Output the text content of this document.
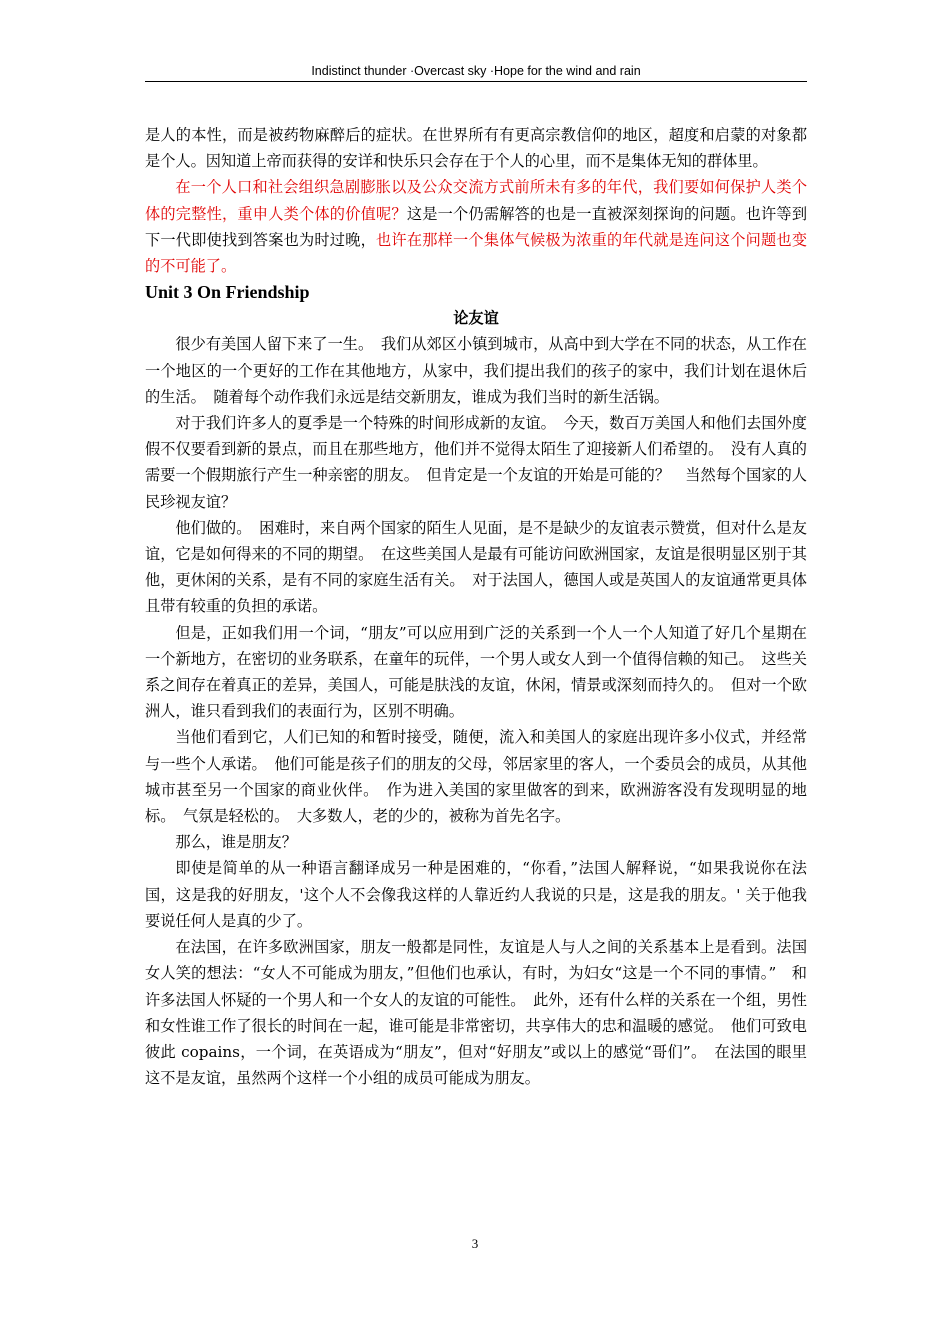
Indistinct thunder ·Overcast sky ·Hope for the wind and rain

是人的本性，而是被药物麻醉后的症状。在世界所有有更高宗教信仰的地区，超度和启蒙的对象都是个人。因知道上帝而获得的安详和快乐只会存在于个人的心里，而不是集体无知的群体里。

在一个人口和社会组织急剧膨胀以及公众交流方式前所未有多的年代，我们要如何保护人类个体的完整性，重申人类个体的价值呢？这是一个仍需解答的也是一直被深刻探询的问题。也许等到下一代即使找到答案也为时过晚，也许在那样一个集体气候极为浓重的年代就是连问这个问题也变的不可能了。

Unit 3 On Friendship

论友谊

很少有美国人留下来了一生。　我们从郊区小镇到城市，从高中到大学在不同的状态，从工作在一个地区的一个更好的工作在其他地方，从家中，我们提出我们的孩子的家中，我们计划在退休后的生活。　随着每个动作我们永远是结交新朋友，谁成为我们当时的新生活锅。

对于我们许多人的夏季是一个特殊的时间形成新的友谊。　今天，数百万美国人和他们去国外度假不仅要看到新的景点，而且在那些地方，他们并不觉得太陌生了迎接新人们希望的。　没有人真的需要一个假期旅行产生一种亲密的朋友。　但肯定是一个友谊的开始是可能的？　当然每个国家的人民珍视友谊？

他们做的。　困难时，来自两个国家的陌生人见面，是不是缺少的友谊表示赞赏，但对什么是友谊，它是如何得来的不同的期望。　在这些美国人是最有可能访问欧洲国家，友谊是很明显区别于其他，更休闲的关系，是有不同的家庭生活有关。　对于法国人，德国人或是英国人的友谊通常更具体且带有较重的负担的承诺。

但是，正如我们用一个词，“朋友”可以应用到广泛的关系到一个人一个人知道了好几个星期在一个新地方，在密切的业务联系，在童年的玩伴，一个男人或女人到一个值得信赖的知己。　这些关系之间存在着真正的差异，美国人，可能是肤浅的友谊，休闲，情景或深刻而持久的。　但对一个欧洲人，谁只看到我们的表面行为，区别不明确。

当他们看到它，人们已知的和暂时接受，随便，流入和美国人的家庭出现许多小仪式，并经常与一些个人承诺。　他们可能是孩子们的朋友的父母，邻居家里的客人，一个委员会的成员，从其他城市甚至另一个国家的商业伙伴。　作为进入美国的家里做客的到来，欧洲游客没有发现明显的地标。　气氛是轻松的。　大多数人，老的少的，被称为首先名字。

那么，谁是朋友？

即使是简单的从一种语言翻译成另一种是困难的，“你看，”法国人解释说，“如果我说你在法国，这是我的好朋友，'这个人不会像我这样的人靠近约人我说的只是，这是我的朋友。' 关于他我要说任何人是真的少了。

在法国，在许多欧洲国家，朋友一般都是同性，友谊是人与人之间的关系基本上是看到。法国女人笑的想法：“女人不可能成为朋友，”但他们也承认，有时，为妇女“这是一个不同的事情。”　和许多法国人怀疑的一个男人和一个女人的友谊的可能性。　此外，还有什么样的关系在一个组，男性和女性谁工作了很长的时间在一起，谁可能是非常密切，共享伟大的忠和温暖的感觉。　他们可致电彼此 copains，一个词，在英语成为“朋友”，但对“好朋友”或以上的感觉“哥们”。　在法国的眼里这不是友谊，虽然两个这样一个小组的成员可能成为朋友。

3
